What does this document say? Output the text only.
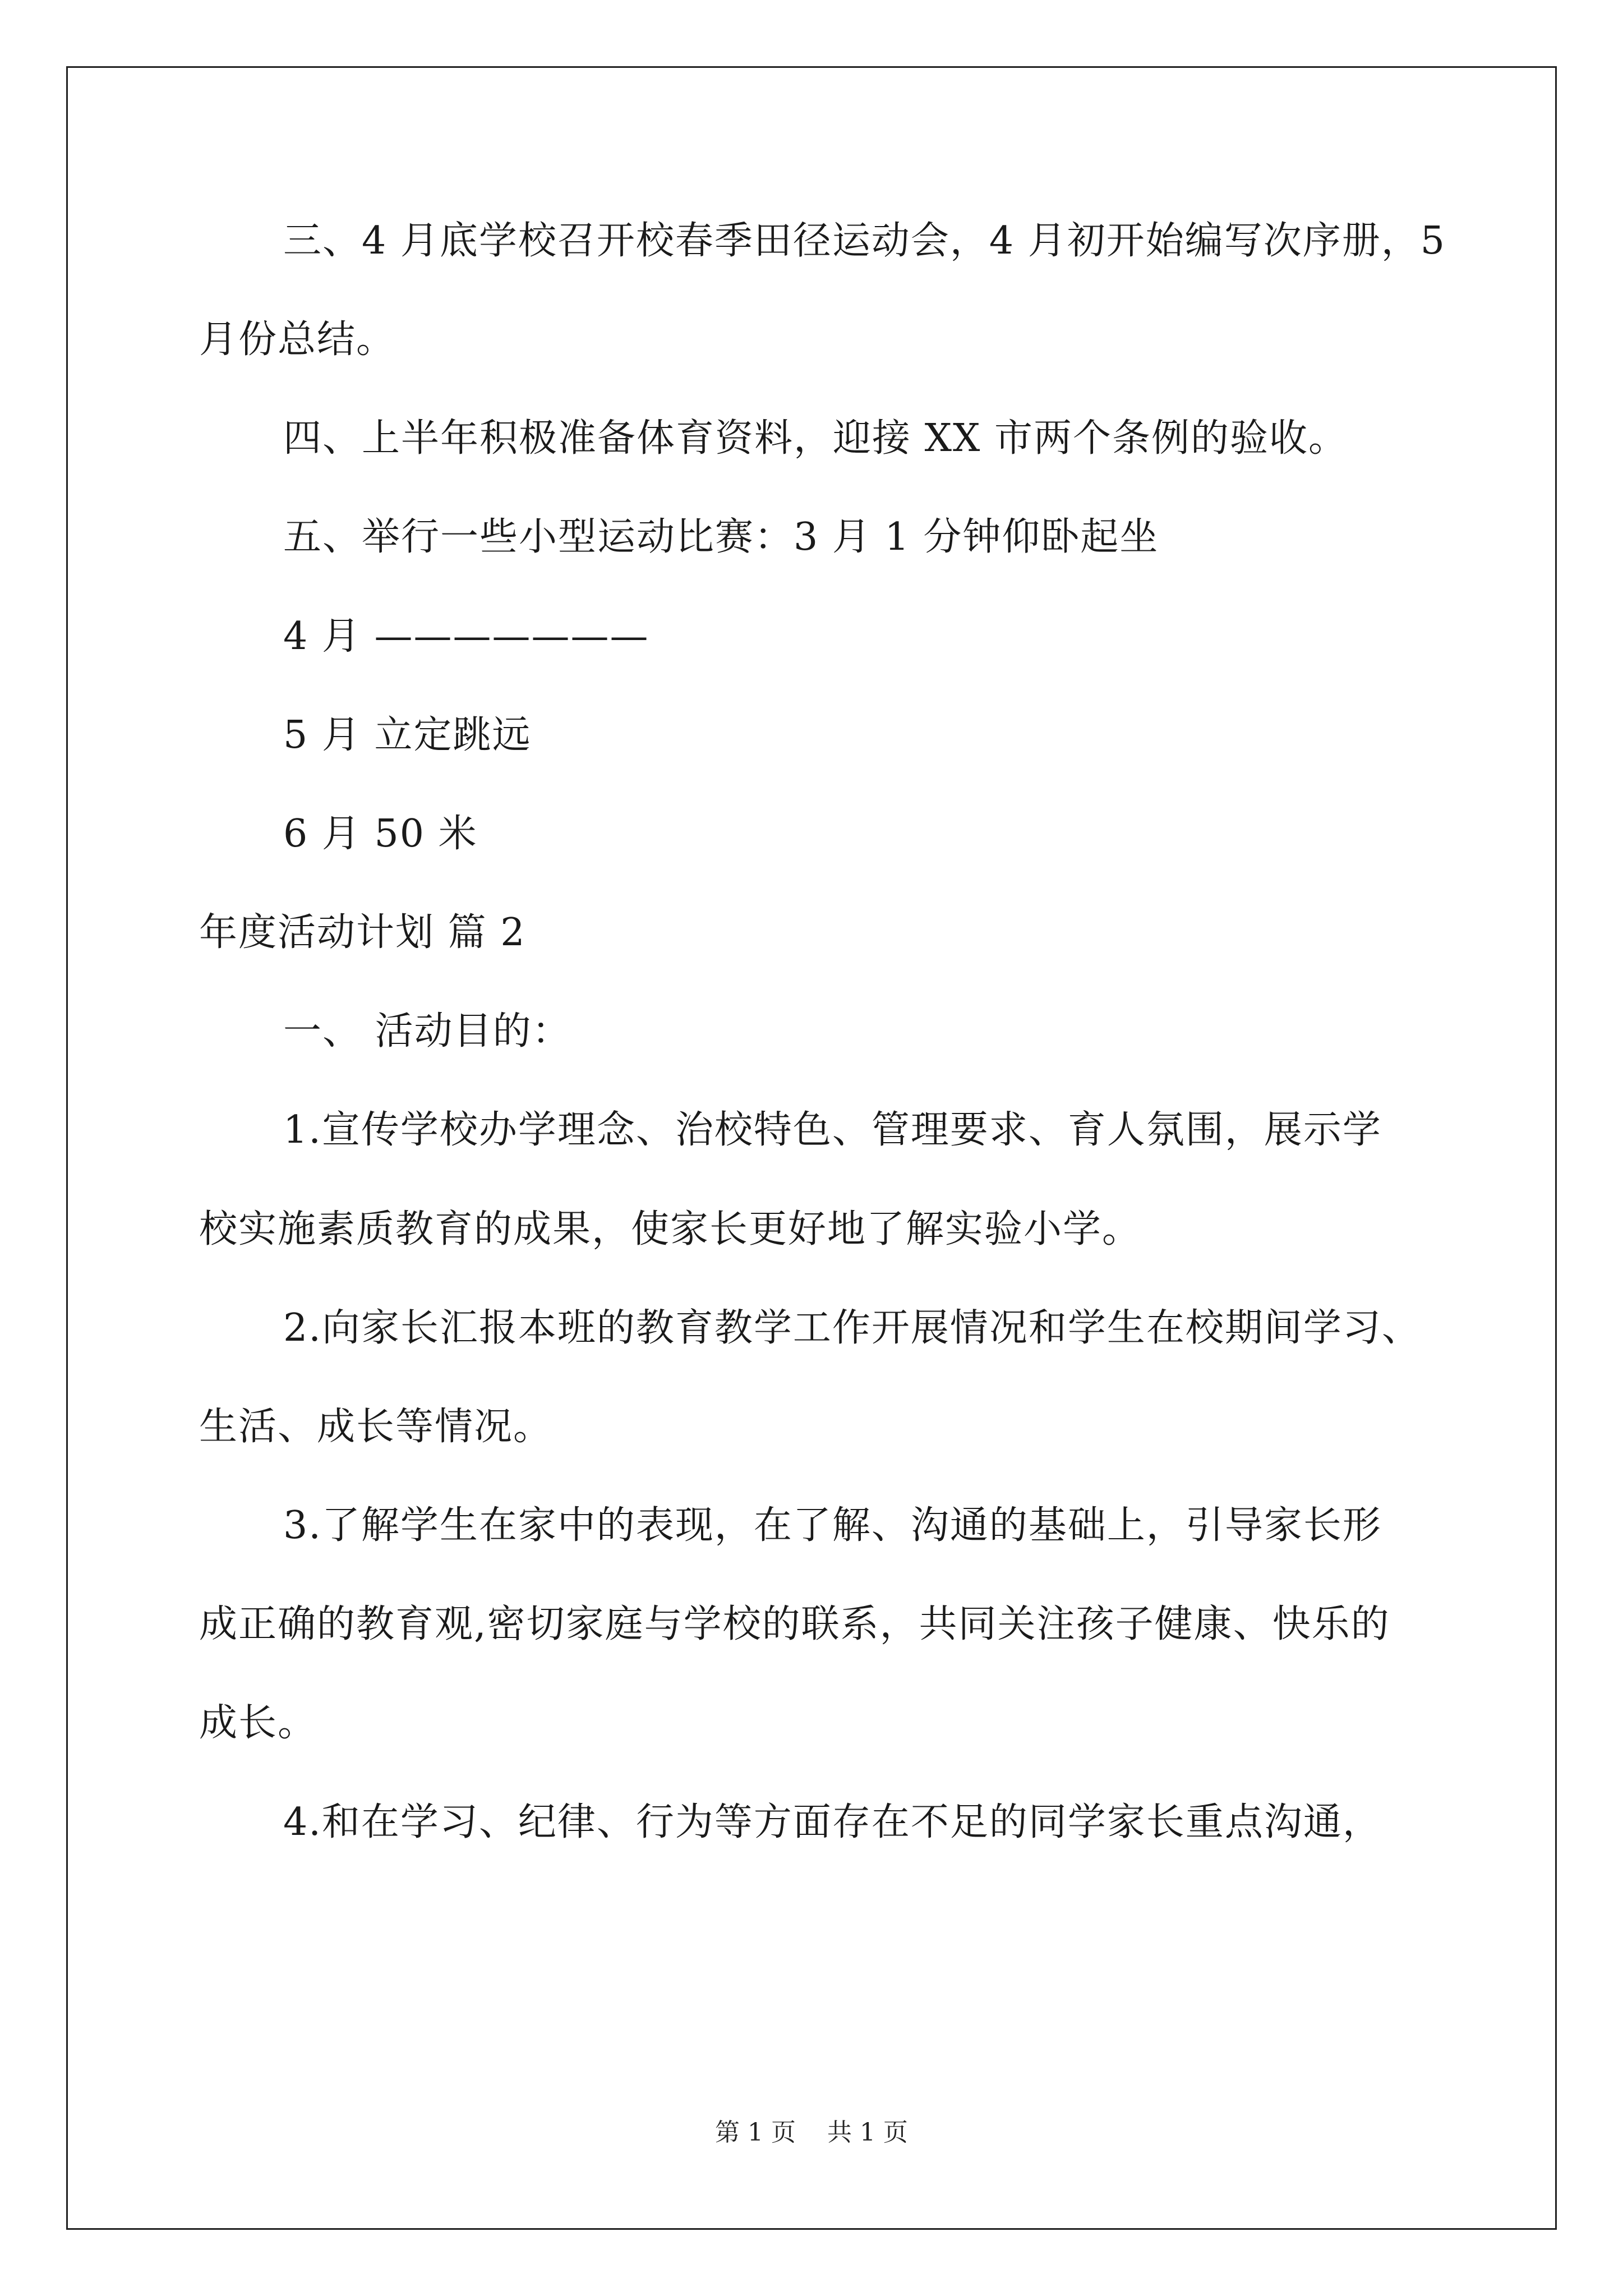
三、4 月底学校召开校春季田径运动会，4 月初开始编写次序册，5
月份总结。
四、上半年积极准备体育资料，迎接 XX 市两个条例的验收。
五、举行一些小型运动比赛：3 月 1 分钟仰卧起坐
4 月 ———————
5 月 立定跳远
6 月 50 米
年度活动计划 篇 2
一、 活动目的：
1.宣传学校办学理念、治校特色、管理要求、育人氛围，展示学
校实施素质教育的成果，使家长更好地了解实验小学。
2.向家长汇报本班的教育教学工作开展情况和学生在校期间学习、
生活、成长等情况。
3.了解学生在家中的表现，在了解、沟通的基础上，引导家长形
成正确的教育观,密切家庭与学校的联系，共同关注孩子健康、快乐的
成长。
4.和在学习、纪律、行为等方面存在不足的同学家长重点沟通，
第 1 页    共 1 页
